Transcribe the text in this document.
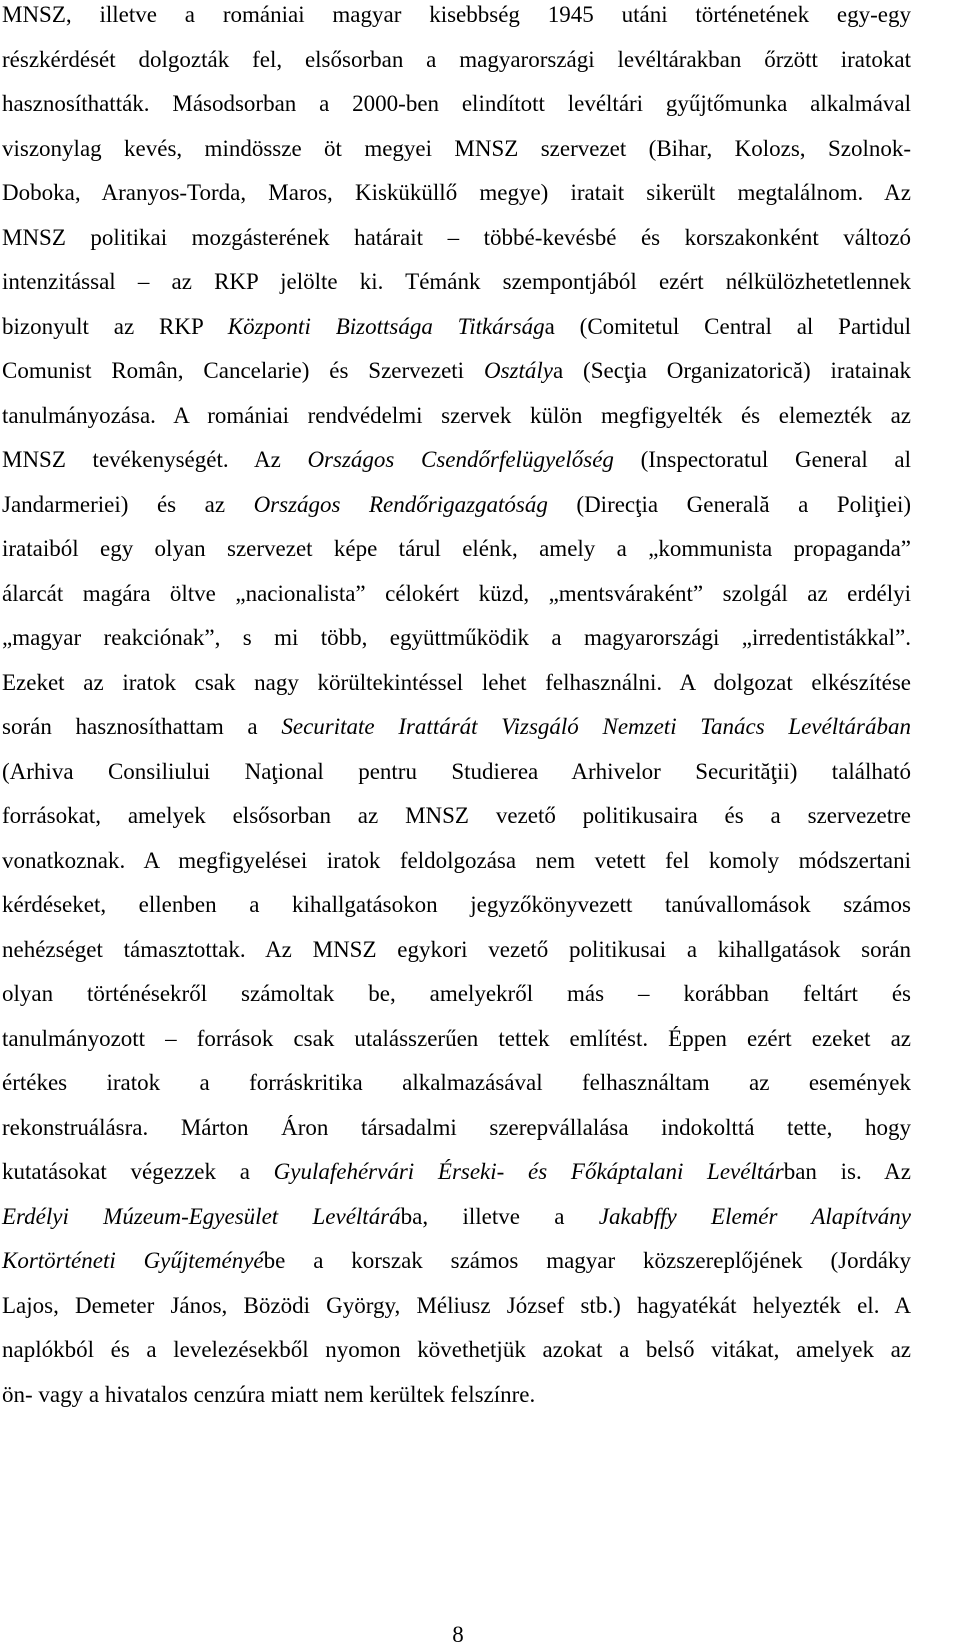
MNSZ, illetve a romániai magyar kisebbség 1945 utáni történetének egy-egy
részkérdését dolgozták fel, elsősorban a magyarországi levéltárakban őrzött iratokat
hasznosíthatták. Másodsorban a 2000-ben elindított levéltári gyűjtőmunka alkalmával
viszonylag kevés, mindössze öt megyei MNSZ szervezet (Bihar, Kolozs, Szolnok-
Doboka, Aranyos-Torda, Maros, Kisküküllő megye) iratait sikerült megtalálnom. Az
MNSZ politikai mozgásterének határait – többé-kevésbé és korszakonként változó
intenzitással – az RKP jelölte ki. Témánk szempontjából ezért nélkülözhetetlennek
bizonyult az RKP Központi Bizottsága Titkársága (Comitetul Central al Partidul
Comunist Român, Cancelarie) és Szervezeti Osztálya (Secţia Organizatorică) iratainak
tanulmányozása. A romániai rendvédelmi szervek külön megfigyelték és elemezték az
MNSZ tevékenységét. Az Országos Csendőrfelügyelőség (Inspectoratul General al
Jandarmeriei) és az Országos Rendőrigazgatóság (Direcţia Generală a Poliţiei)
irataiból egy olyan szervezet képe tárul elénk, amely a „kommunista propaganda”
álarcát magára öltve „nacionalista” célokért küzd, „mentsváraként” szolgál az erdélyi
„magyar reakciónak”, s mi több, együttműködik a magyarországi „irredentistákkal”.
Ezeket az iratok csak nagy körültekintéssel lehet felhasználni. A dolgozat elkészítése
során hasznosíthattam a Securitate Irattárát Vizsgáló Nemzeti Tanács Levéltárában
(Arhiva Consiliului Naţional pentru Studierea Arhivelor Securităţii) található
forrásokat, amelyek elsősorban az MNSZ vezető politikusaira és a szervezetre
vonatkoznak. A megfigyelései iratok feldolgozása nem vetett fel komoly módszertani
kérdéseket, ellenben a kihallgatásokon jegyzőkönyvezett tanúvallomások számos
nehézséget támasztottak. Az MNSZ egykori vezető politikusai a kihallgatások során
olyan történésekről számoltak be, amelyekről más – korábban feltárt és
tanulmányozott – források csak utalásszerűen tettek említést. Éppen ezért ezeket az
értékes iratok a forráskritika alkalmazásával felhasználtam az események
rekonstruálásra. Márton Áron társadalmi szerepvállalása indokolttá tette, hogy
kutatásokat végezzek a Gyulafehérvári Érseki- és Főkáptalani Levéltárban is. Az
Erdélyi Múzeum-Egyesület Levéltárába, illetve a Jakabffy Elemér Alapítvány
Kortörténeti Gyűjteményébe a korszak számos magyar közszereplőjének (Jordáky
Lajos, Demeter János, Bözödi György, Méliusz József stb.) hagyatékát helyezték el. A
naplókból és a levelezésekből nyomon követhetjük azokat a belső vitákat, amelyek az
ön- vagy a hivatalos cenzúra miatt nem kerültek felszínre.
8
